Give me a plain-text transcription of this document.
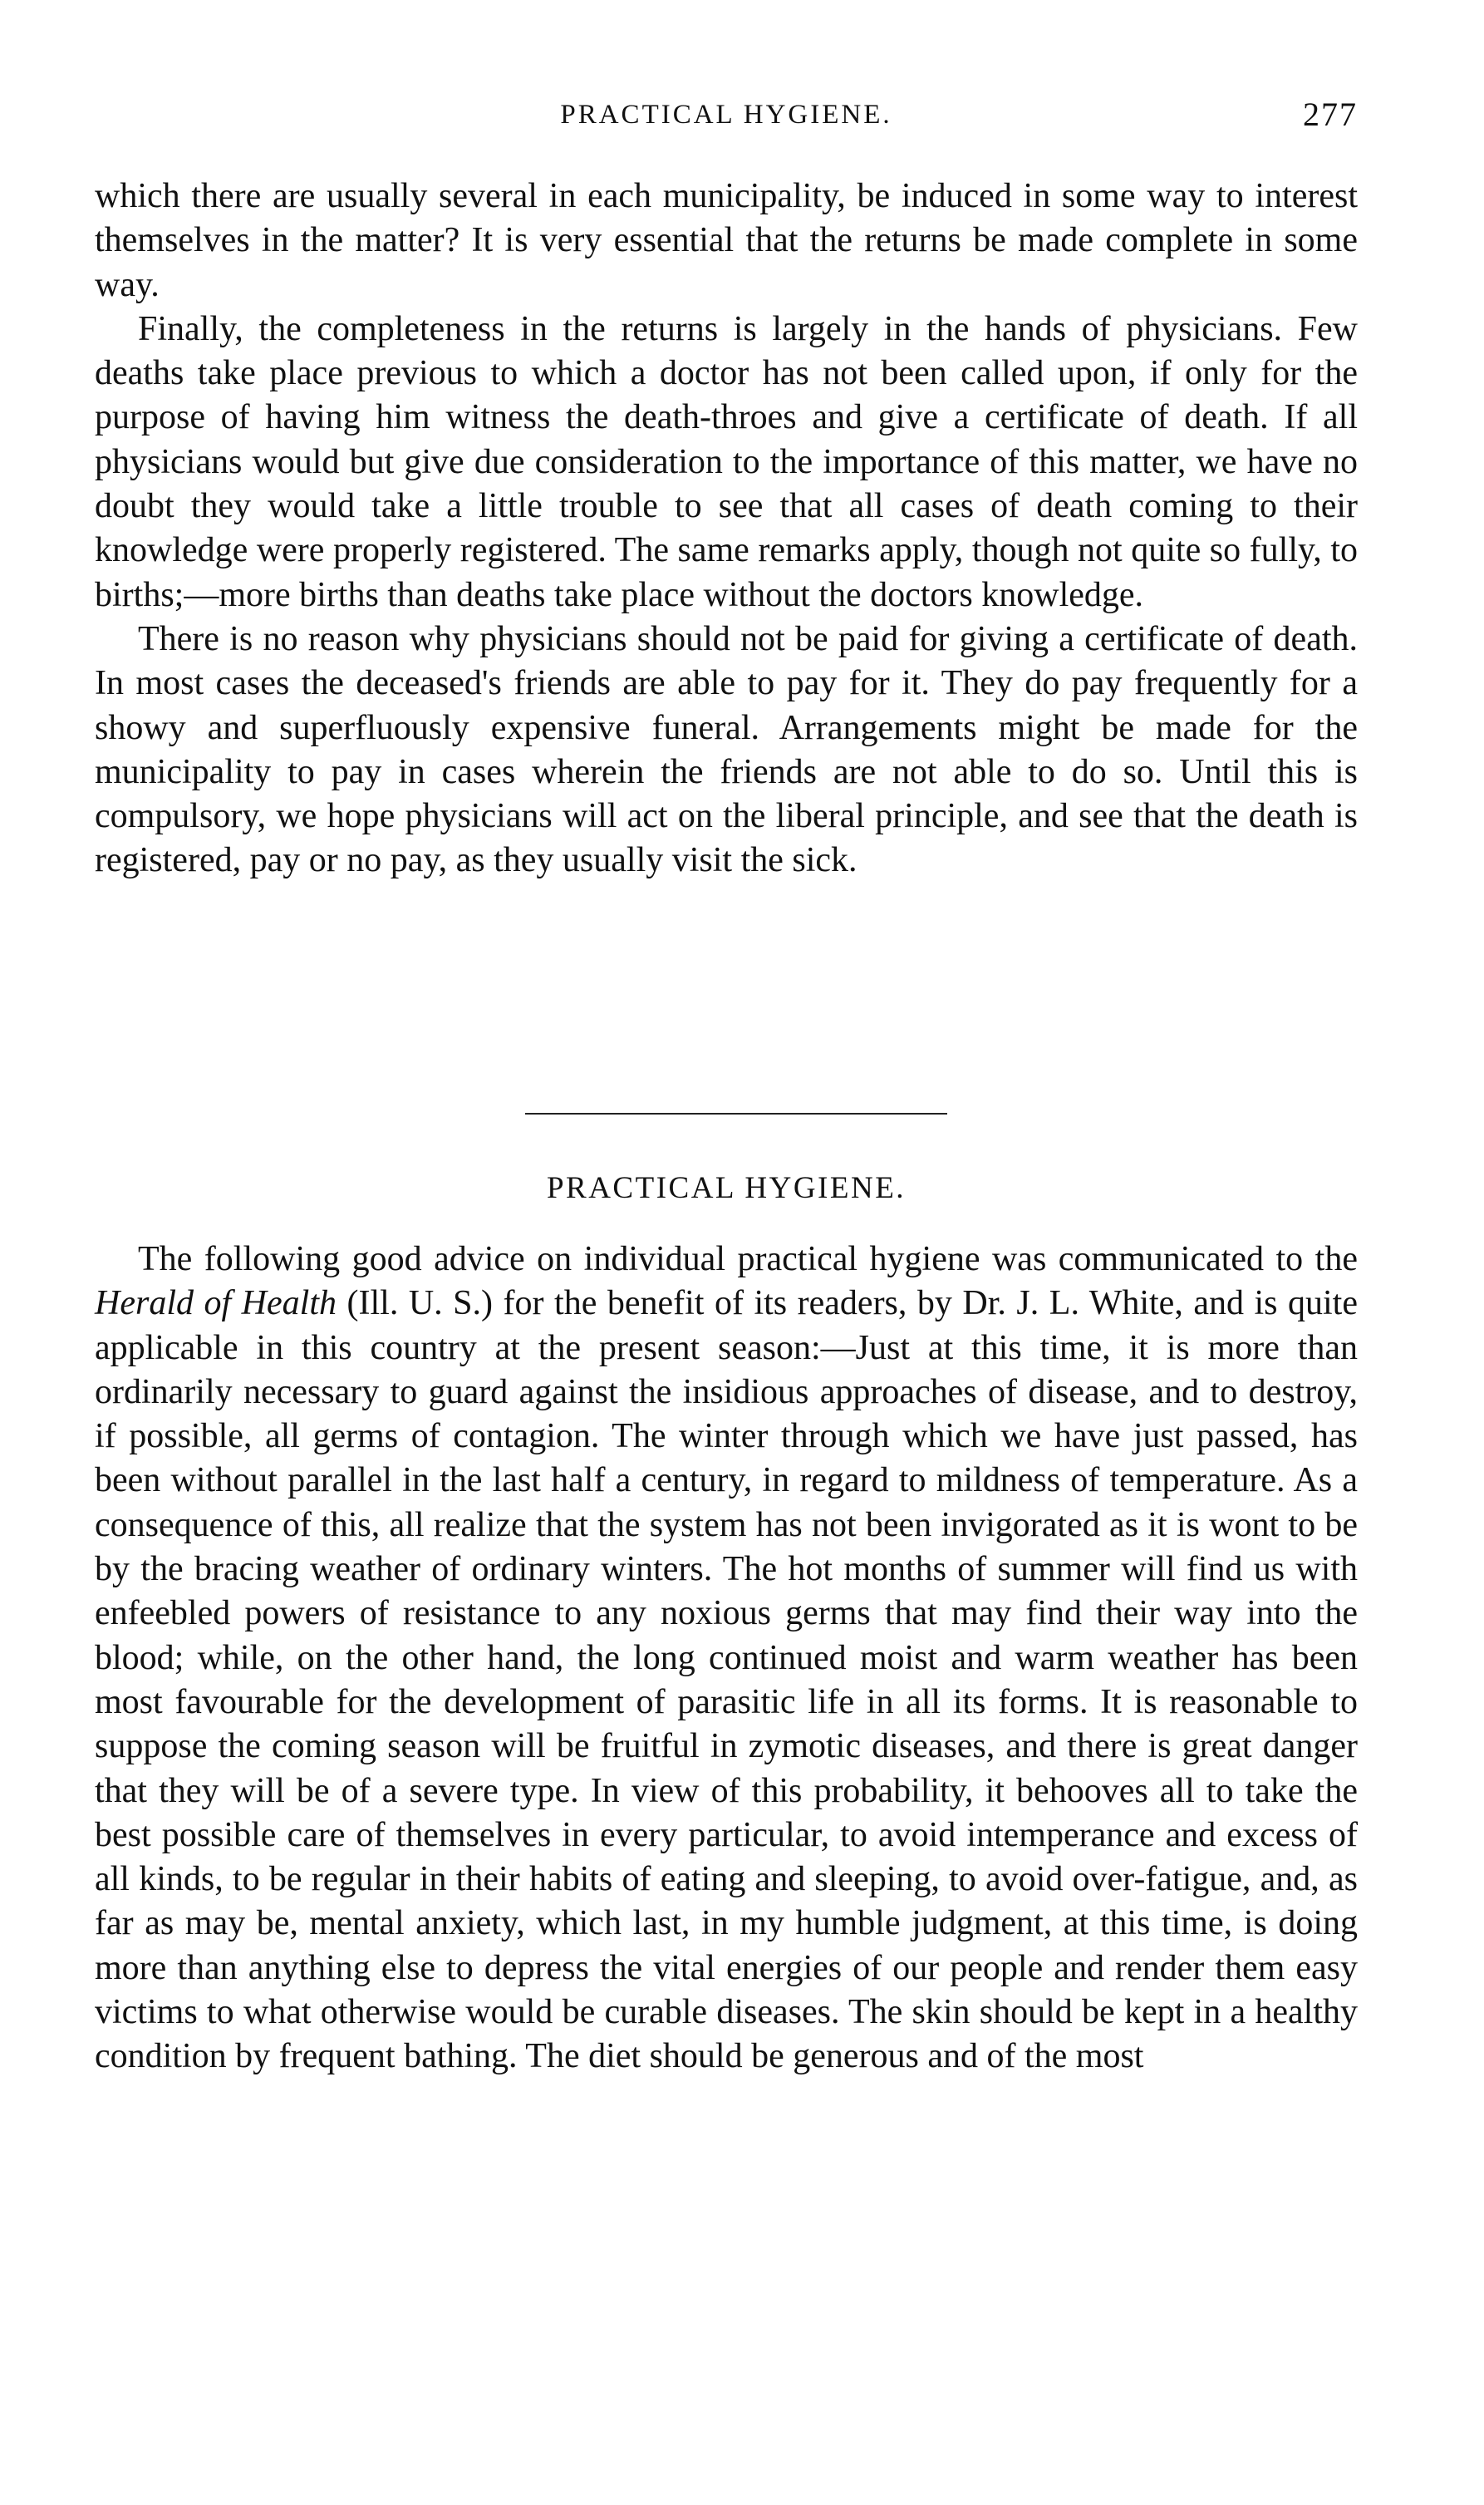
PRACTICAL HYGIENE.	277

which there are usually several in each municipality, be induced in some way to interest themselves in the matter? It is very essential that the returns be made complete in some way.

Finally, the completeness in the returns is largely in the hands of physicians. Few deaths take place previous to which a doctor has not been called upon, if only for the purpose of having him witness the death-throes and give a certificate of death. If all physicians would but give due consideration to the importance of this matter, we have no doubt they would take a little trouble to see that all cases of death coming to their knowledge were properly registered. The same remarks apply, though not quite so fully, to births;—more births than deaths take place without the doctors knowledge.

There is no reason why physicians should not be paid for giving a certificate of death. In most cases the deceased's friends are able to pay for it. They do pay frequently for a showy and superfluously expensive funeral. Arrangements might be made for the municipality to pay in cases wherein the friends are not able to do so. Until this is compulsory, we hope physicians will act on the liberal principle, and see that the death is registered, pay or no pay, as they usually visit the sick.

PRACTICAL HYGIENE.

The following good advice on individual practical hygiene was communicated to the Herald of Health (Ill. U. S.) for the benefit of its readers, by Dr. J. L. White, and is quite applicable in this country at the present season:—Just at this time, it is more than ordinarily necessary to guard against the insidious approaches of disease, and to destroy, if possible, all germs of contagion. The winter through which we have just passed, has been without parallel in the last half a century, in regard to mildness of temperature. As a consequence of this, all realize that the system has not been invigorated as it is wont to be by the bracing weather of ordinary winters. The hot months of summer will find us with enfeebled powers of resistance to any noxious germs that may find their way into the blood; while, on the other hand, the long continued moist and warm weather has been most favourable for the development of parasitic life in all its forms. It is reasonable to suppose the coming season will be fruitful in zymotic diseases, and there is great danger that they will be of a severe type. In view of this probability, it behooves all to take the best possible care of themselves in every particular, to avoid intemperance and excess of all kinds, to be regular in their habits of eating and sleeping, to avoid over-fatigue, and, as far as may be, mental anxiety, which last, in my humble judgment, at this time, is doing more than anything else to depress the vital energies of our people and render them easy victims to what otherwise would be curable diseases. The skin should be kept in a healthy condition by frequent bathing. The diet should be generous and of the most
